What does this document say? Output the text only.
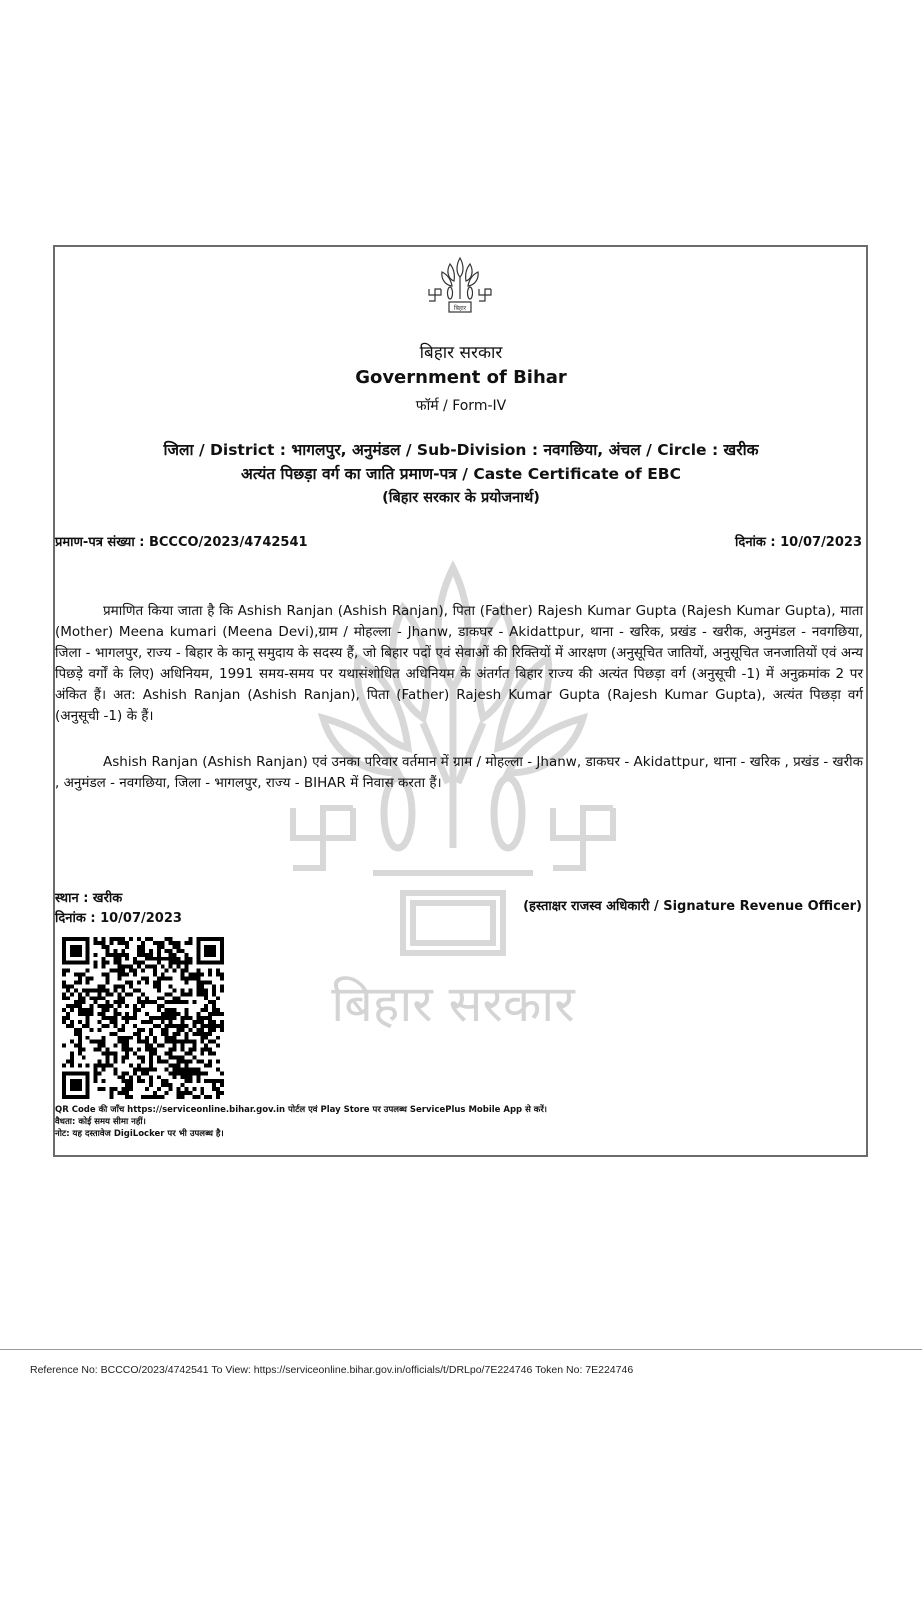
बिहार सरकार
बिहार
बिहार सरकार
Government of Bihar
फॉर्म / Form-IV
जिला / District : भागलपुर, अनुमंडल / Sub-Division : नवगछिया, अंचल / Circle : खरीक
अत्यंत पिछड़ा वर्ग का जाति प्रमाण-पत्र / Caste Certificate of EBC
(बिहार सरकार के प्रयोजनार्थ)
प्रमाण-पत्र संख्या : BCCCO/2023/4742541	दिनांक : 10/07/2023
प्रमाणित किया जाता है कि Ashish Ranjan (Ashish Ranjan), पिता (Father) Rajesh Kumar Gupta (Rajesh Kumar Gupta), माता (Mother) Meena kumari (Meena Devi),ग्राम / मोहल्ला - Jhanw, डाकघर - Akidattpur, थाना - खरिक, प्रखंड - खरीक, अनुमंडल - नवगछिया, जिला - भागलपुर, राज्य - बिहार के कानू समुदाय के सदस्य हैं, जो बिहार पदों एवं सेवाओं की रिक्तियों में आरक्षण (अनुसूचित जातियों, अनुसूचित जनजातियों एवं अन्य पिछड़े वर्गों के लिए) अधिनियम, 1991 समय-समय पर यथासंशोधित अधिनियम के अंतर्गत बिहार राज्य की अत्यंत पिछड़ा वर्ग (अनुसूची -1) में अनुक्रमांक 2 पर अंकित हैं। अत: Ashish Ranjan (Ashish Ranjan), पिता (Father) Rajesh Kumar Gupta (Rajesh Kumar Gupta), अत्यंत पिछड़ा वर्ग (अनुसूची -1) के हैं।
Ashish Ranjan (Ashish Ranjan) एवं उनका परिवार वर्तमान में ग्राम / मोहल्ला - Jhanw, डाकघर - Akidattpur, थाना - खरिक , प्रखंड - खरीक , अनुमंडल - नवगछिया, जिला - भागलपुर, राज्य - BIHAR में निवास करता हैं।
स्थान : खरीक
दिनांक : 10/07/2023
(हस्ताक्षर राजस्व अधिकारी / Signature Revenue Officer)
QR Code की जाँच https://serviceonline.bihar.gov.in पोर्टल एवं Play Store पर उपलब्ध ServicePlus Mobile App से करें।
वैधता: कोई समय सीमा नहीं।
नोट: यह दस्तावेज DigiLocker पर भी उपलब्ध है।
Reference No: BCCCO/2023/4742541 To View: https://serviceonline.bihar.gov.in/officials/t/DRLpo/7E224746 Token No: 7E224746
